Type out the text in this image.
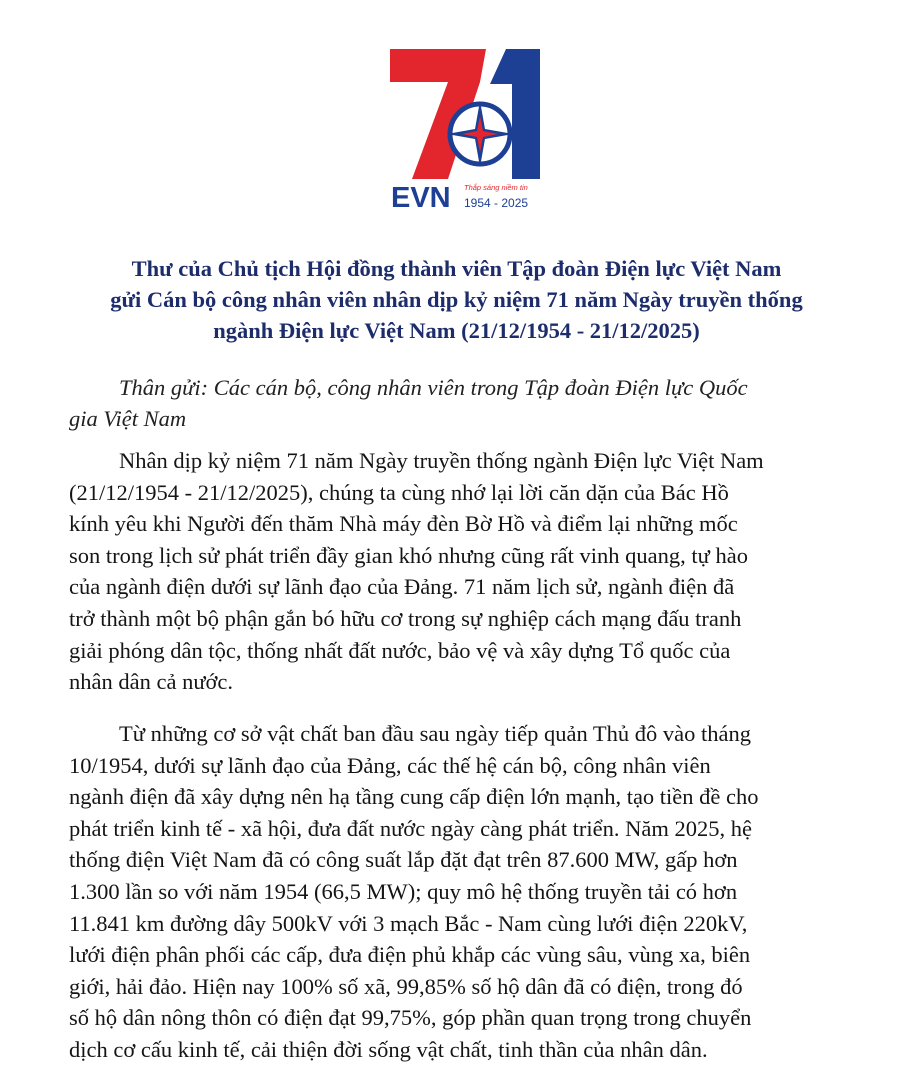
EVN Thắp sáng niềm tin
1954 - 2025
Thư của Chủ tịch Hội đồng thành viên Tập đoàn Điện lực Việt Nam
gửi Cán bộ công nhân viên nhân dịp kỷ niệm 71 năm Ngày truyền thống
ngành Điện lực Việt Nam (21/12/1954 - 21/12/2025)

Thân gửi: Các cán bộ, công nhân viên trong Tập đoàn Điện lực Quốc
gia Việt Nam

Nhân dịp kỷ niệm 71 năm Ngày truyền thống ngành Điện lực Việt Nam
(21/12/1954 - 21/12/2025), chúng ta cùng nhớ lại lời căn dặn của Bác Hồ
kính yêu khi Người đến thăm Nhà máy đèn Bờ Hồ và điểm lại những mốc
son trong lịch sử phát triển đầy gian khó nhưng cũng rất vinh quang, tự hào
của ngành điện dưới sự lãnh đạo của Đảng. 71 năm lịch sử, ngành điện đã
trở thành một bộ phận gắn bó hữu cơ trong sự nghiệp cách mạng đấu tranh
giải phóng dân tộc, thống nhất đất nước, bảo vệ và xây dựng Tổ quốc của
nhân dân cả nước.

Từ những cơ sở vật chất ban đầu sau ngày tiếp quản Thủ đô vào tháng
10/1954, dưới sự lãnh đạo của Đảng, các thế hệ cán bộ, công nhân viên
ngành điện đã xây dựng nên hạ tầng cung cấp điện lớn mạnh, tạo tiền đề cho
phát triển kinh tế - xã hội, đưa đất nước ngày càng phát triển. Năm 2025, hệ
thống điện Việt Nam đã có công suất lắp đặt đạt trên 87.600 MW, gấp hơn
1.300 lần so với năm 1954 (66,5 MW); quy mô hệ thống truyền tải có hơn
11.841 km đường dây 500kV với 3 mạch Bắc - Nam cùng lưới điện 220kV,
lưới điện phân phối các cấp, đưa điện phủ khắp các vùng sâu, vùng xa, biên
giới, hải đảo. Hiện nay 100% số xã, 99,85% số hộ dân đã có điện, trong đó
số hộ dân nông thôn có điện đạt 99,75%, góp phần quan trọng trong chuyển
dịch cơ cấu kinh tế, cải thiện đời sống vật chất, tinh thần của nhân dân.
